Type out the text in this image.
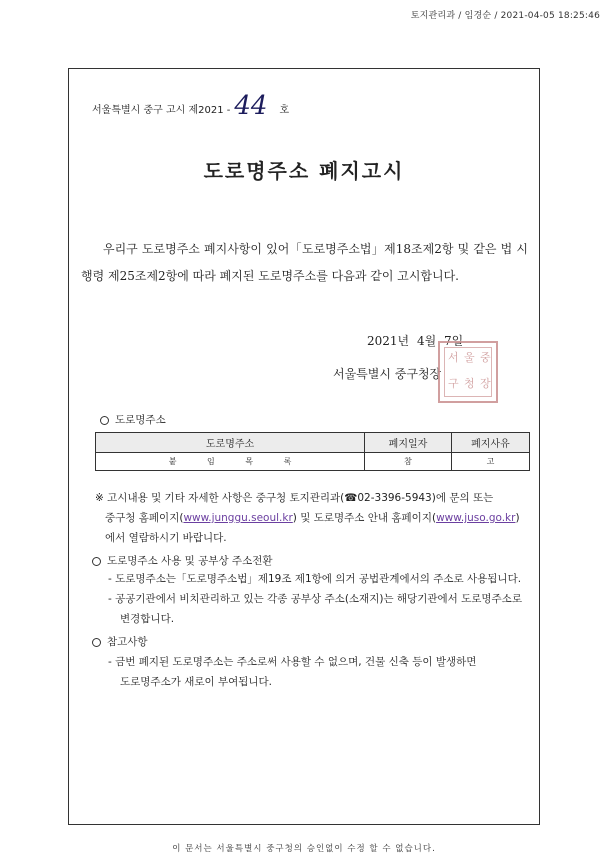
토지관리과 / 임경순 / 2021-04-05 18:25:46
서울특별시 중구 고시 제2021 - 44 호
도로명주소 폐지고시
우리구 도로명주소 폐지사항이 있어「도로명주소법」제18조제2항 및 같은 법 시행령 제25조제2항에 따라 폐지된 도로명주소를 다음과 같이 고시합니다.
2021년 4월 7일
서울특별시 중구청장
서 울 중
구 청 장
도로명주소
도로명주소	폐지일자	폐지사유
붙 임 목 록	참	고
※ 고시내용 및 기타 자세한 사항은 중구청 토지관리과(☎02-3396-5943)에 문의 또는
중구청 홈페이지(www.junggu.seoul.kr) 및 도로명주소 안내 홈페이지(www.juso.go.kr)
에서 열람하시기 바랍니다.
도로명주소 사용 및 공부상 주소전환
- 도로명주소는「도로명주소법」제19조 제1항에 의거 공법관계에서의 주소로 사용됩니다.
- 공공기관에서 비치관리하고 있는 각종 공부상 주소(소재지)는 해당기관에서 도로명주소로
변경합니다.
참고사항
- 금번 폐지된 도로명주소는 주소로써 사용할 수 없으며, 건물 신축 등이 발생하면
도로명주소가 새로이 부여됩니다.
이 문서는 서울특별시 중구청의 승인없이 수정 할 수 없습니다.
